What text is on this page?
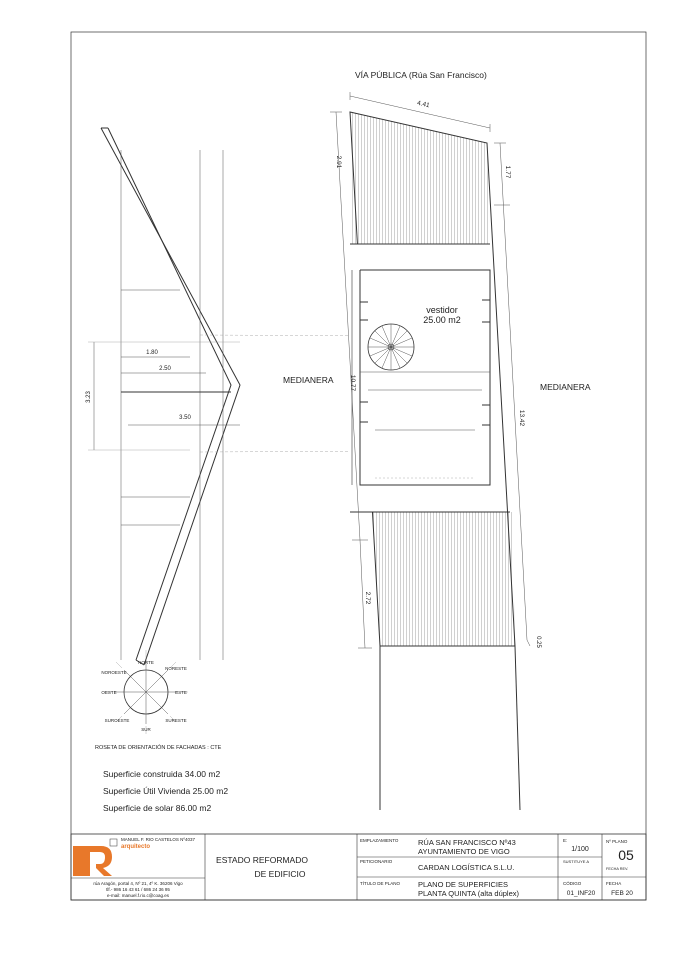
1.80
2.50
3.50
3.23
MEDIANERA
MEDIANERA
VÍA PÚBLICA (Rúa San Francisco)
vestidor
25.00 m2
4.41
2.91
1.77
10.77
13.42
2.72
0.25
NORTE
NORESTE
ESTE
SURESTE
SUR
SUROESTE
OESTE
NOROESTE
ROSETA DE ORIENTACIÓN DE FACHADAS : CTE
Superficie construida 34.00 m2
Superficie Útil Vivienda 25.00 m2
Superficie de solar 86.00 m2
MANUEL F. RIO CASTELOS Nº4037
arquitecto
rúa Aragón, portal 4, Nº 21, 4º K. 36206 Vigo
tlf.- 986 16 43 61 / 686 24 36 95
e-mail: manuel.f.rio.c@coag.es
ESTADO REFORMADO
DE EDIFICIO
EMPLAZAMIENTO	RÚA SAN FRANCISCO Nº43
AYUNTAMIENTO DE VIGO
PETICIONARIO
CARDAN LOGÍSTICA S.L.U.
TÍTULO DE PLANO PLANO DE SUPERFICIES
PLANTA QUINTA (alta dúplex)
E:
1/100
SUSTITUYE A
CÓDIGO
01_INF20
Nº PLANO
05
FECHA REV.
FECHA
FEB 20
